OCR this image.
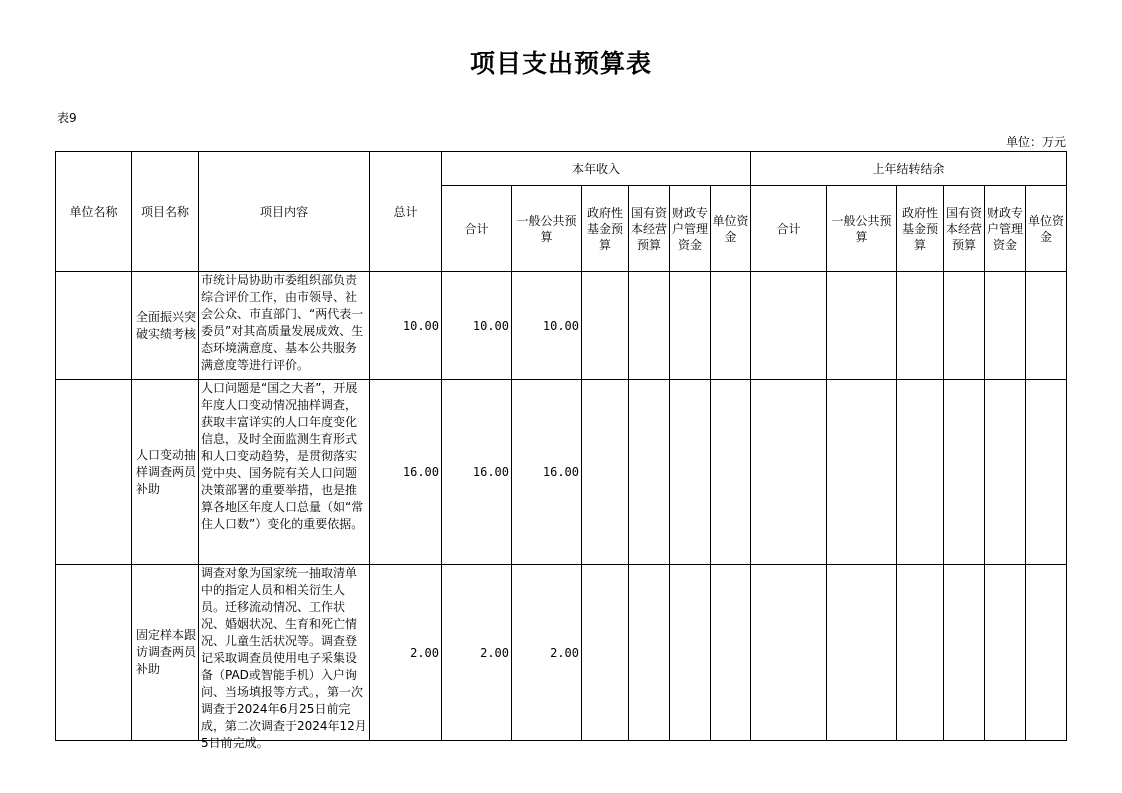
项目支出预算表
表9
单位：万元
单位名称	项目名称	项目内容	总计	本年收入						上年结转结余					

				合计	一般公共预算	政府性基金预算	国有资本经营预算	财政专户管理资金	单位资金	合计	一般公共预算	政府性基金预算	国有资本经营预算	财政专户管理资金	单位资金

	全面振兴突破实绩考核	市统计局协助市委组织部负责综合评价工作，由市领导、社会公众、市直部门、“两代表一委员”对其高质量发展成效、生态环境满意度、基本公共服务满意度等进行评价。	10.00	10.00	10.00										

	人口变动抽样调查两员补助	人口问题是“国之大者”，开展年度人口变动情况抽样调查，获取丰富详实的人口年度变化信息，及时全面监测生育形式和人口变动趋势，是贯彻落实党中央、国务院有关人口问题决策部署的重要举措，也是推算各地区年度人口总量（如“常住人口数”）变化的重要依据。	16.00	16.00	16.00										

	固定样本跟访调查两员补助	调查对象为国家统一抽取清单中的指定人员和相关衍生人员。迁移流动情况、工作状况、婚姻状况、生育和死亡情况、儿童生活状况等。调查登记采取调查员使用电子采集设备（PAD或智能手机）入户询问、当场填报等方式。，第一次调查于2024年6月25日前完成，第二次调查于2024年12月5日前完成。	2.00	2.00	2.00										
